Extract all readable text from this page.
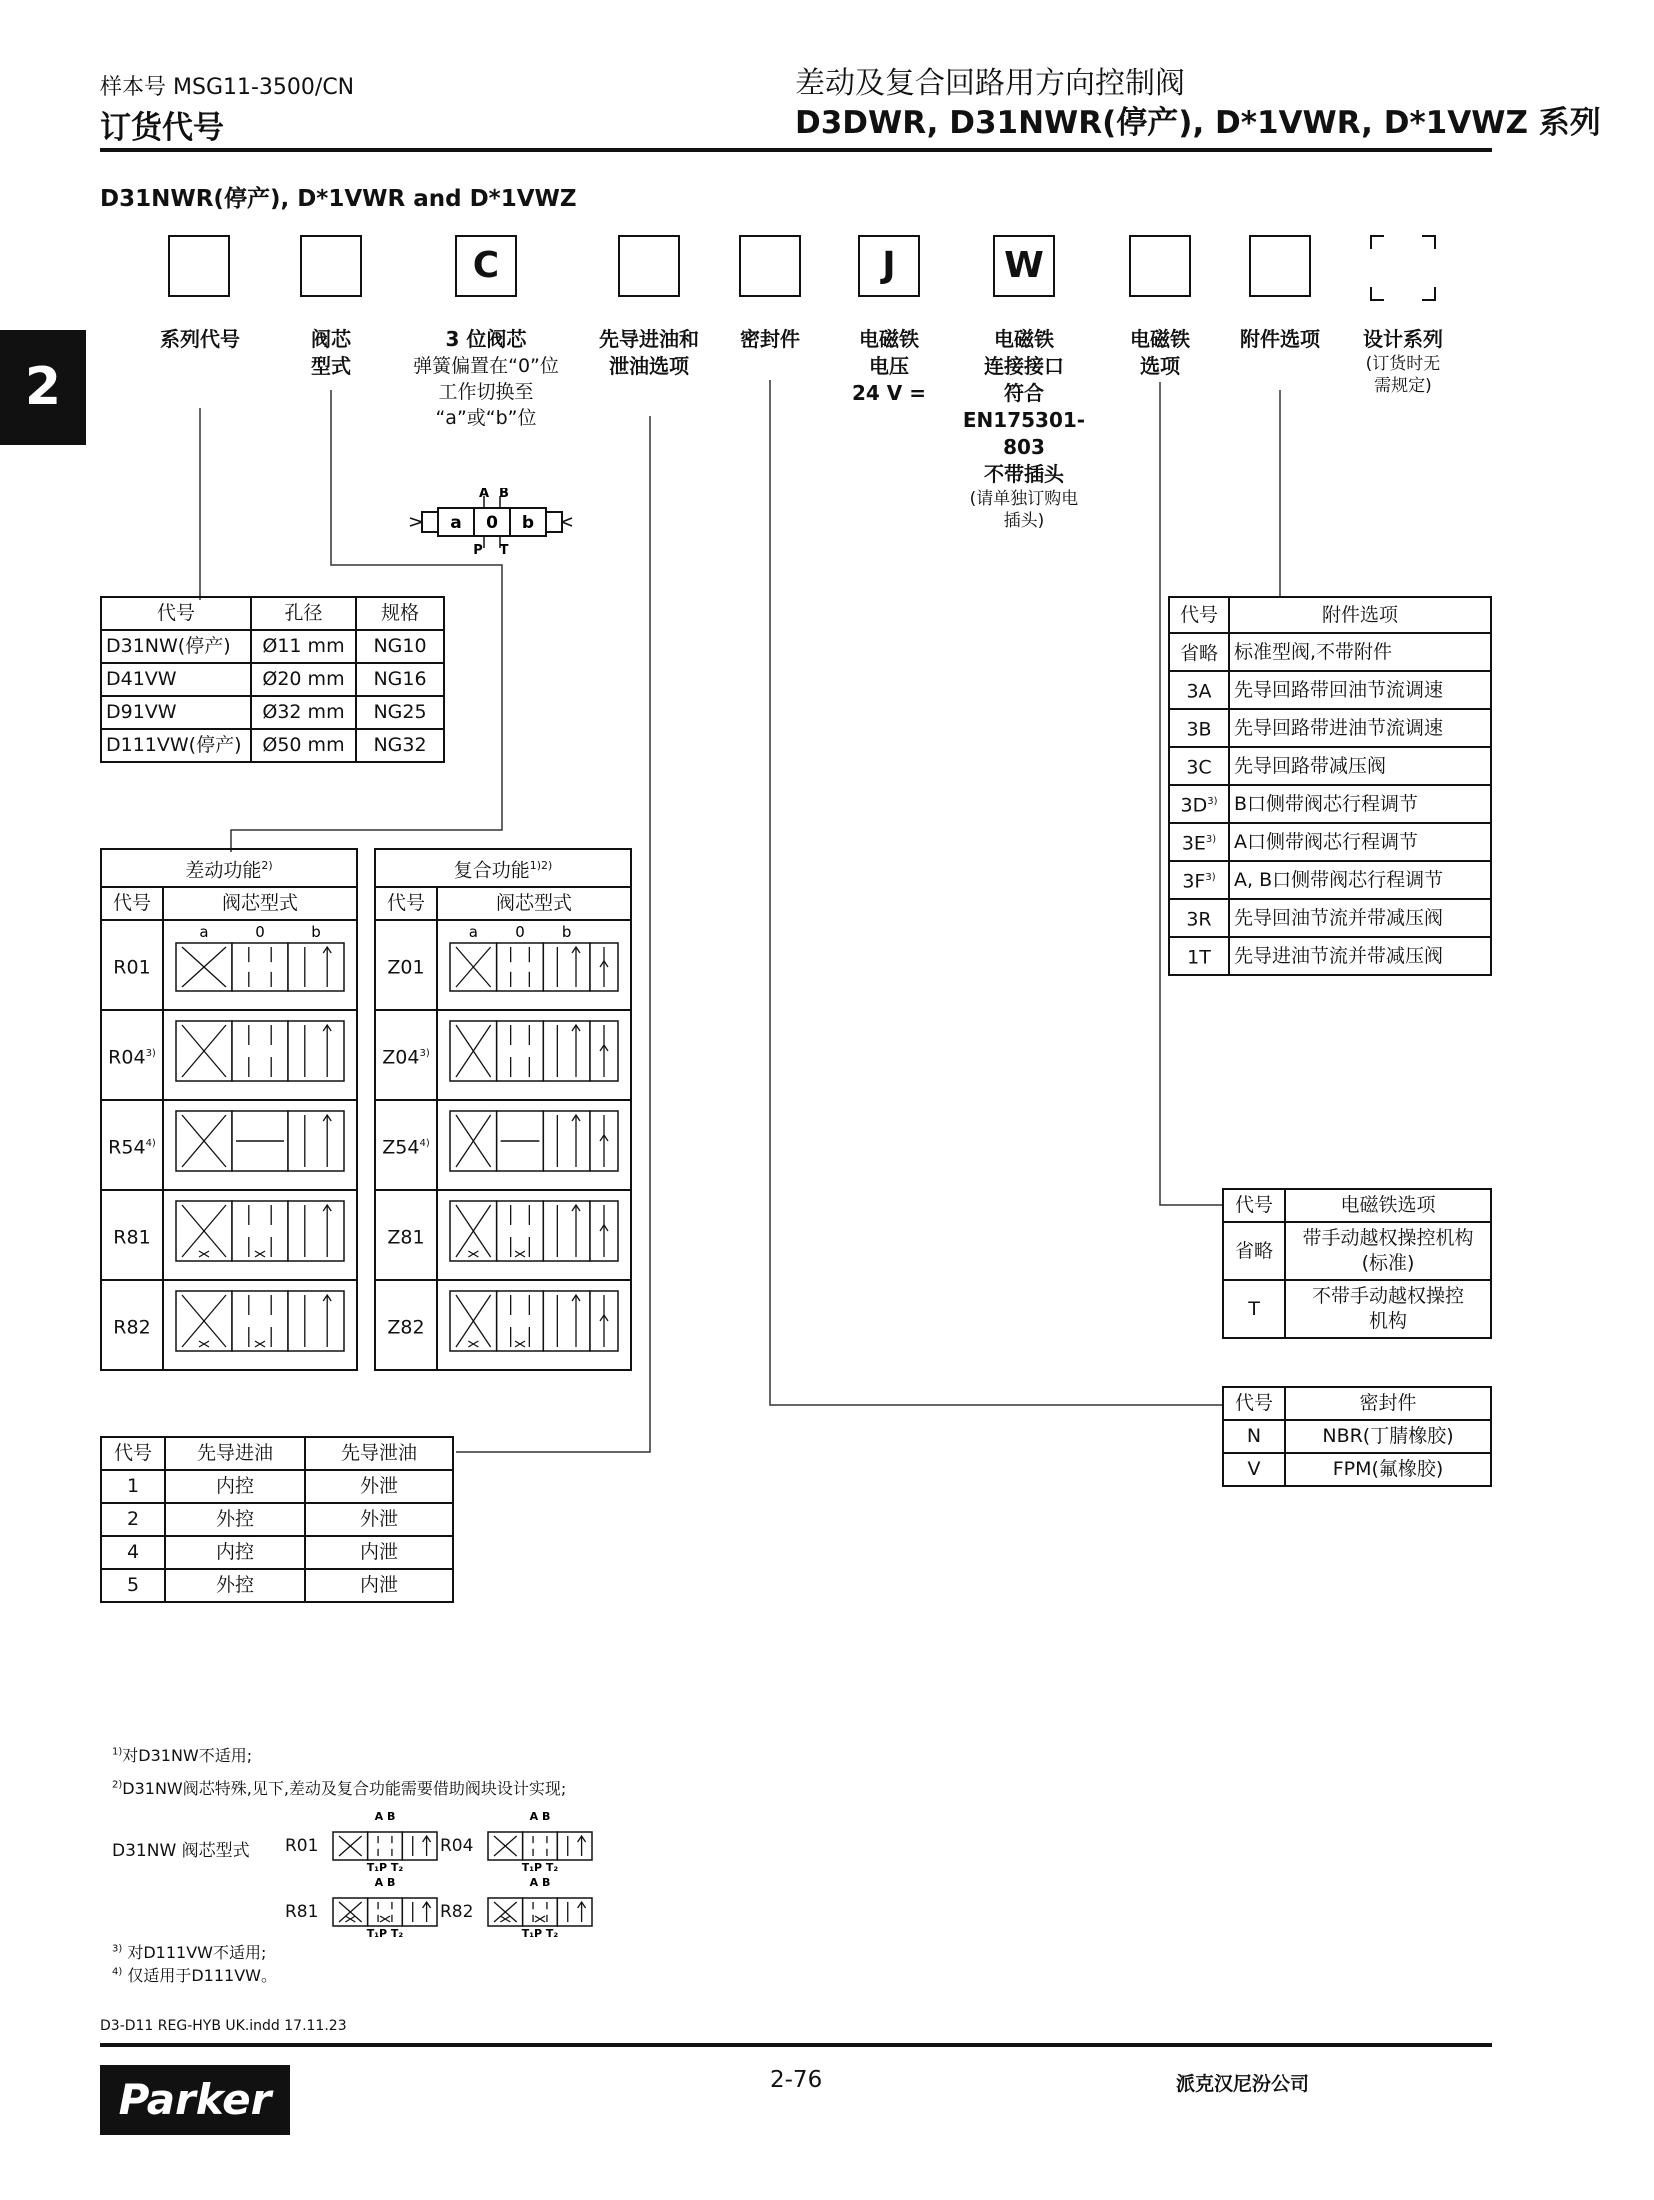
样本号 MSG11-3500/CN
订货代号
差动及复合回路用方向控制阀
D3DWR, D31NWR(停产), D*1VWR, D*1VWZ 系列
2
D31NWR(停产), D*1VWR and D*1VWZ
C	J	W
系列代号	阀芯
型式
3 位阀芯
弹簧偏置在“0”位
工作切换至
“a”或“b”位
先导进油和
泄油选项
密封件	电磁铁
电压
24 V =
电磁铁
连接接口
符合
EN175301-803
不带插头
(请单独订购电
插头)
电磁铁
选项
附件选项	设计系列
(订货时无
需规定)
A B
P T
a 0 b
代号	孔径	规格
D31NW(停产)	Ø11 mm	NG10
D41VW	Ø20 mm	NG16
D91VW	Ø32 mm	NG25
D111VW(停产)	Ø50 mm	NG32
差动功能$^{2)}$
代号	阀芯型式
R01	a 0 b

R04$^{3)}$	
R54$^{4)}$	
R81	
R82	
复合功能$^{1)2)}$
代号	阀芯型式
Z01	a 0 b

Z04$^{3)}$	
Z54$^{4)}$	
Z81	
Z82	
代号	先导进油	先导泄油
1	内控	外泄
2	外控	外泄
4	内控	内泄
5	外控	内泄
代号	附件选项
省略	标准型阀,不带附件
3A	先导回路带回油节流调速
3B	先导回路带进油节流调速
3C	先导回路带减压阀
$3D^{3)}$	B口侧带阀芯行程调节
$3E^{3)}$	A口侧带阀芯行程调节
$3F^{3)}$	A, B口侧带阀芯行程调节
3R	先导回油节流并带减压阀
1T	先导进油节流并带减压阀
代号	电磁铁选项
省略	带手动越权操控机构
(标准)
T	不带手动越权操控
机构
代号	密封件
N	NBR(丁腈橡胶)
V	FPM(氟橡胶)
$^{1)}$对D31NW不适用;
$^{2)}$D31NW阀芯特殊,见下,差动及复合功能需要借助阀块设计实现;
D31NW 阀芯型式 R01	R04
R81	R82
A B
T₁P T₂
A B
T₁P T₂
A B
T₁P T₂
A B
T₁P T₂
$^{3)}$ 对D111VW不适用;
$^{4)}$ 仅适用于D111VW。
D3-D11 REG-HYB UK.indd 17.11.23
Parker	2-76	派克汉尼汾公司
